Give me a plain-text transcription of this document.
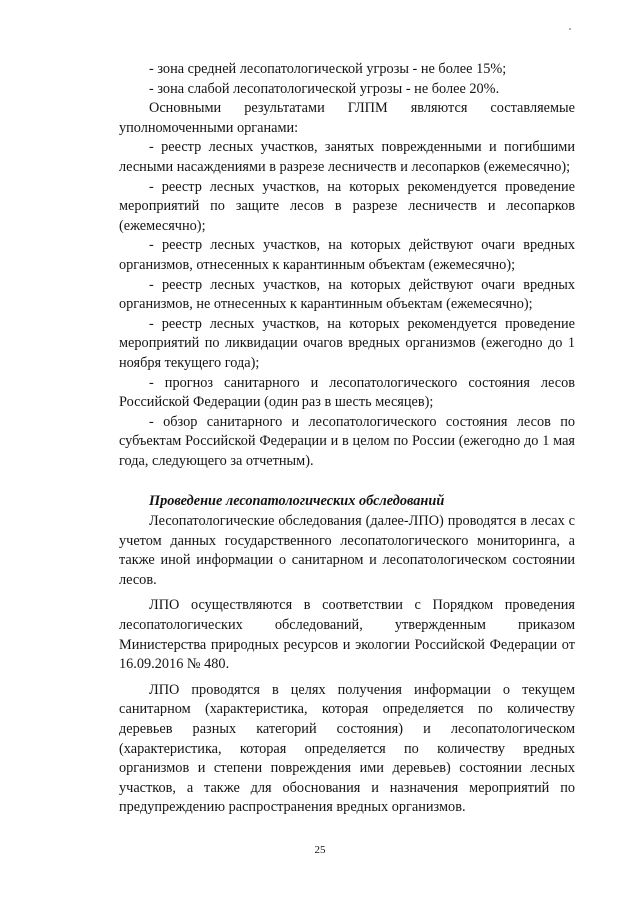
- зона средней лесопатологической угрозы - не более 15%;

- зона слабой лесопатологической угрозы - не более 20%.

Основными результатами ГЛПМ являются составляемые уполномоченными органами:

- реестр лесных участков, занятых поврежденными и погибшими лесными насаждениями в разрезе лесничеств и лесопарков (ежемесячно);

- реестр лесных участков, на которых рекомендуется проведение мероприятий по защите лесов в разрезе лесничеств и лесопарков (ежемесячно);

- реестр лесных участков, на которых действуют очаги вредных организмов, отнесенных к карантинным объектам (ежемесячно);

- реестр лесных участков, на которых действуют очаги вредных организмов, не отнесенных к карантинным объектам (ежемесячно);

- реестр лесных участков, на которых рекомендуется проведение мероприятий по ликвидации очагов вредных организмов (ежегодно до 1 ноября текущего года);

- прогноз санитарного и лесопатологического состояния лесов Российской Федерации (один раз в шесть месяцев);

- обзор санитарного и лесопатологического состояния лесов по субъектам Российской Федерации и в целом по России (ежегодно до 1 мая года, следующего за отчетным).

Проведение лесопатологических обследований

Лесопатологические обследования (далее-ЛПО) проводятся в лесах с учетом данных государственного лесопатологического мониторинга, а также иной информации о санитарном и лесопатологическом состоянии лесов.

ЛПО осуществляются в соответствии с Порядком проведения лесопатологических обследований, утвержденным приказом Министерства природных ресурсов и экологии Российской Федерации от 16.09.2016 № 480.

ЛПО проводятся в целях получения информации о текущем санитарном (характеристика, которая определяется по количеству деревьев разных категорий состояния) и лесопатологическом (характеристика, которая определяется по количеству вредных организмов и степени повреждения ими деревьев) состоянии лесных участков, а также для обоснования и назначения мероприятий по предупреждению распространения вредных организмов.

25
